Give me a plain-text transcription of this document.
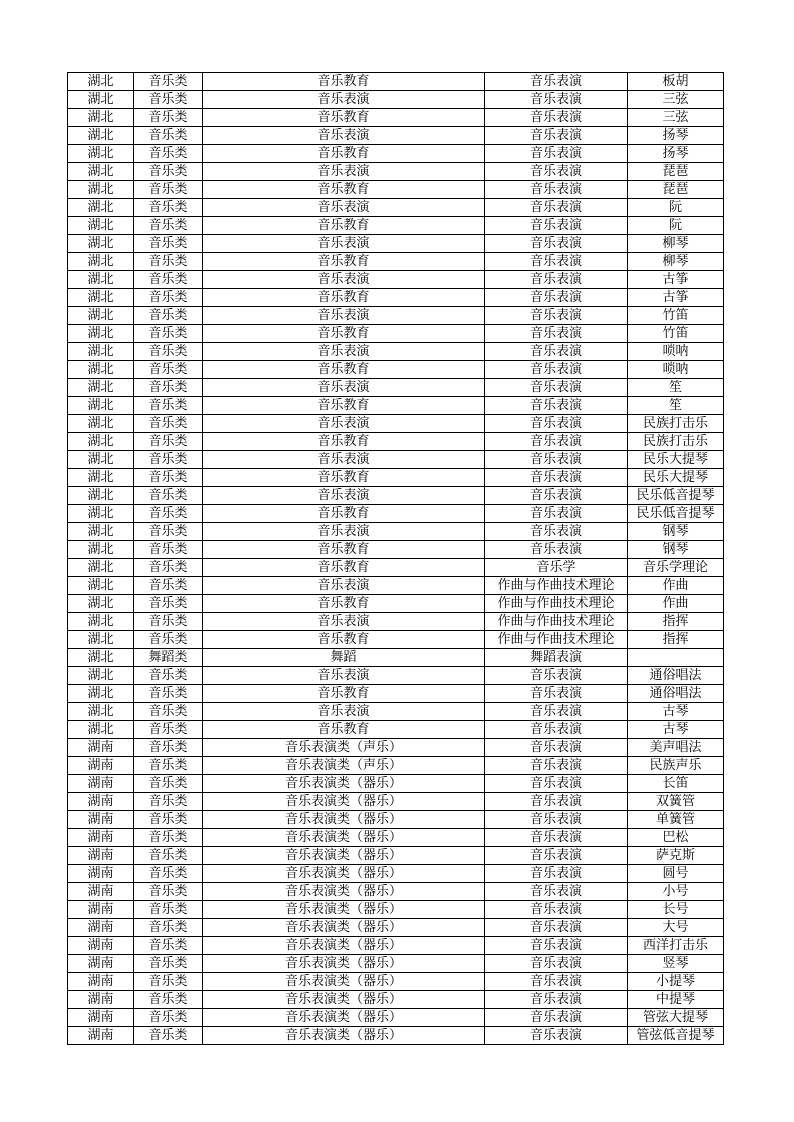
湖北	音乐类	音乐教育	音乐表演	板胡
湖北	音乐类	音乐表演	音乐表演	三弦
湖北	音乐类	音乐教育	音乐表演	三弦
湖北	音乐类	音乐表演	音乐表演	扬琴
湖北	音乐类	音乐教育	音乐表演	扬琴
湖北	音乐类	音乐表演	音乐表演	琵琶
湖北	音乐类	音乐教育	音乐表演	琵琶
湖北	音乐类	音乐表演	音乐表演	阮
湖北	音乐类	音乐教育	音乐表演	阮
湖北	音乐类	音乐表演	音乐表演	柳琴
湖北	音乐类	音乐教育	音乐表演	柳琴
湖北	音乐类	音乐表演	音乐表演	古筝
湖北	音乐类	音乐教育	音乐表演	古筝
湖北	音乐类	音乐表演	音乐表演	竹笛
湖北	音乐类	音乐教育	音乐表演	竹笛
湖北	音乐类	音乐表演	音乐表演	唢呐
湖北	音乐类	音乐教育	音乐表演	唢呐
湖北	音乐类	音乐表演	音乐表演	笙
湖北	音乐类	音乐教育	音乐表演	笙
湖北	音乐类	音乐表演	音乐表演	民族打击乐
湖北	音乐类	音乐教育	音乐表演	民族打击乐
湖北	音乐类	音乐表演	音乐表演	民乐大提琴
湖北	音乐类	音乐教育	音乐表演	民乐大提琴
湖北	音乐类	音乐表演	音乐表演	民乐低音提琴
湖北	音乐类	音乐教育	音乐表演	民乐低音提琴
湖北	音乐类	音乐表演	音乐表演	钢琴
湖北	音乐类	音乐教育	音乐表演	钢琴
湖北	音乐类	音乐教育	音乐学	音乐学理论
湖北	音乐类	音乐表演	作曲与作曲技术理论	作曲
湖北	音乐类	音乐教育	作曲与作曲技术理论	作曲
湖北	音乐类	音乐表演	作曲与作曲技术理论	指挥
湖北	音乐类	音乐教育	作曲与作曲技术理论	指挥
湖北	舞蹈类	舞蹈	舞蹈表演	
湖北	音乐类	音乐表演	音乐表演	通俗唱法
湖北	音乐类	音乐教育	音乐表演	通俗唱法
湖北	音乐类	音乐表演	音乐表演	古琴
湖北	音乐类	音乐教育	音乐表演	古琴
湖南	音乐类	音乐表演类（声乐）	音乐表演	美声唱法
湖南	音乐类	音乐表演类（声乐）	音乐表演	民族声乐
湖南	音乐类	音乐表演类（器乐）	音乐表演	长笛
湖南	音乐类	音乐表演类（器乐）	音乐表演	双簧管
湖南	音乐类	音乐表演类（器乐）	音乐表演	单簧管
湖南	音乐类	音乐表演类（器乐）	音乐表演	巴松
湖南	音乐类	音乐表演类（器乐）	音乐表演	萨克斯
湖南	音乐类	音乐表演类（器乐）	音乐表演	圆号
湖南	音乐类	音乐表演类（器乐）	音乐表演	小号
湖南	音乐类	音乐表演类（器乐）	音乐表演	长号
湖南	音乐类	音乐表演类（器乐）	音乐表演	大号
湖南	音乐类	音乐表演类（器乐）	音乐表演	西洋打击乐
湖南	音乐类	音乐表演类（器乐）	音乐表演	竖琴
湖南	音乐类	音乐表演类（器乐）	音乐表演	小提琴
湖南	音乐类	音乐表演类（器乐）	音乐表演	中提琴
湖南	音乐类	音乐表演类（器乐）	音乐表演	管弦大提琴
湖南	音乐类	音乐表演类（器乐）	音乐表演	管弦低音提琴
